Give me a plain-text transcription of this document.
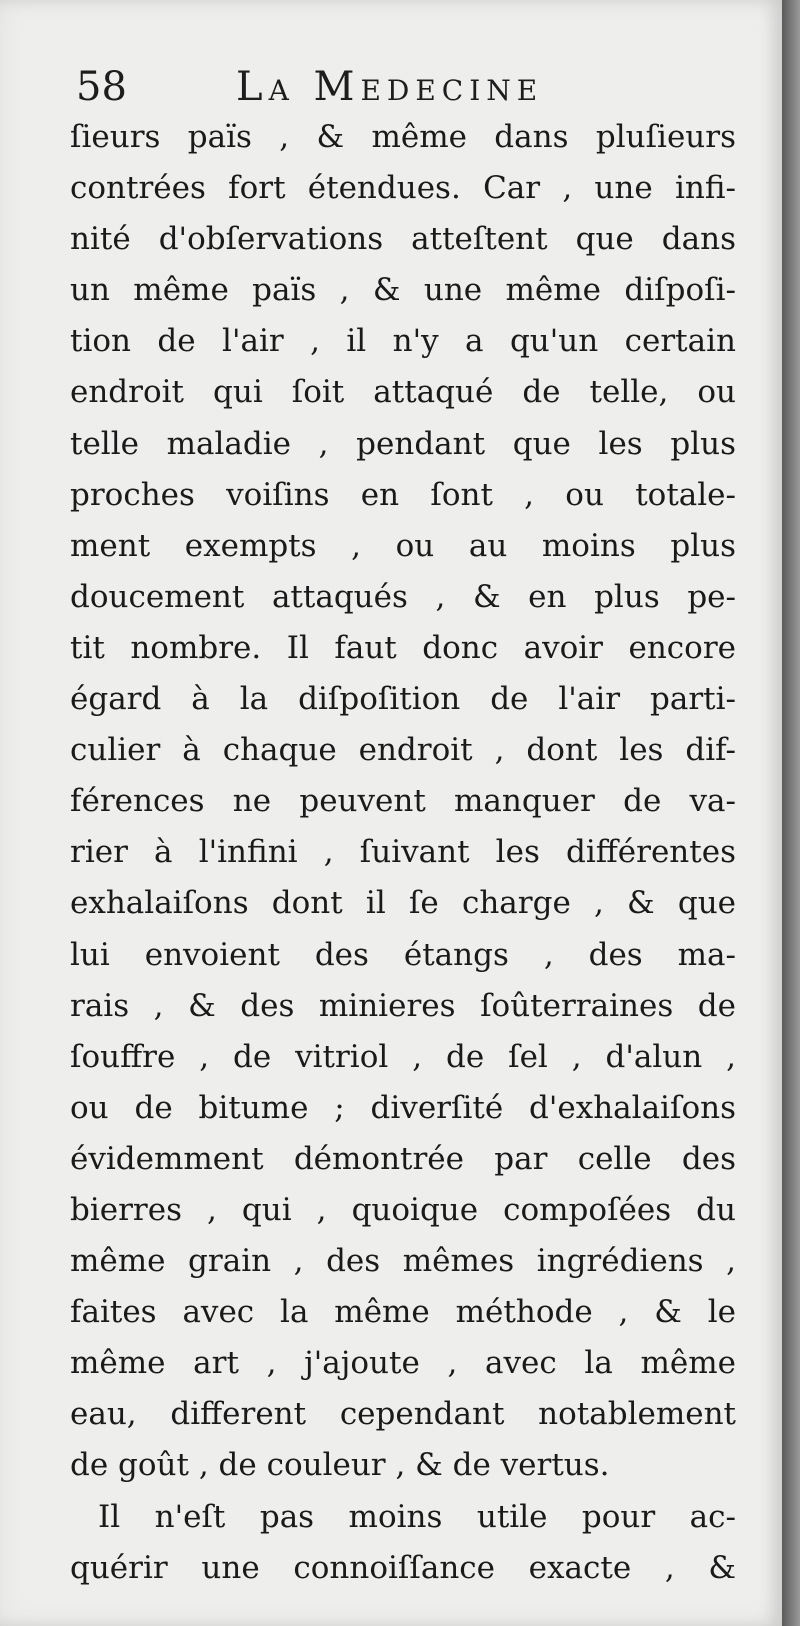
58	La Medecine
ſieurs païs , & même dans pluſieurs
contrées fort étendues. Car , une infi-
nité d'obſervations atteſtent que dans
un même païs , & une même diſpoſi-
tion de l'air , il n'y a qu'un certain
endroit qui ſoit attaqué de telle, ou
telle maladie , pendant que les plus
proches voiſins en ſont , ou totale-
ment exempts , ou au moins plus
doucement attaqués , & en plus pe-
tit nombre. Il faut donc avoir encore
égard à la diſpoſition de l'air parti-
culier à chaque endroit , dont les dif-
férences ne peuvent manquer de va-
rier à l'infini , ſuivant les différentes
exhalaiſons dont il ſe charge , & que
lui envoient des étangs , des ma-
rais , & des minieres ſoûterraines de
ſouffre , de vitriol , de ſel , d'alun ,
ou de bitume ; diverſité d'exhalaiſons
évidemment démontrée par celle des
bierres , qui , quoique compoſées du
même grain , des mêmes ingrédiens ,
faites avec la même méthode , & le
même art , j'ajoute , avec la même
eau, different cependant notablement
de goût , de couleur , & de vertus.
Il n'eſt pas moins utile pour ac-
quérir une connoiſſance exacte , &
